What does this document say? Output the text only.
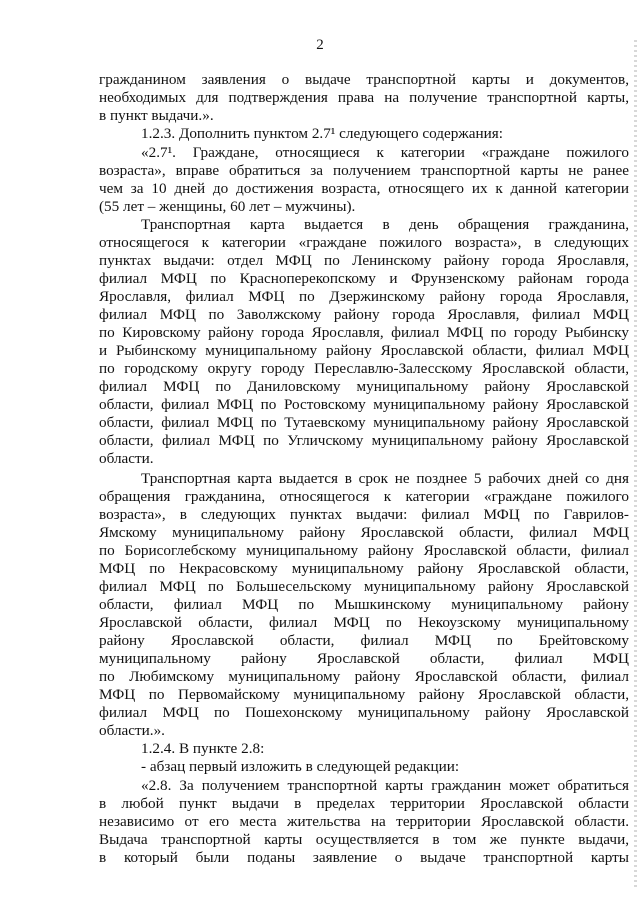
2
гражданином заявления о выдаче транспортной карты и документов,
необходимых для подтверждения права на получение транспортной карты,
в пункт выдачи.».
1.2.3. Дополнить пунктом 2.7¹ следующего содержания:
«2.7¹. Граждане, относящиеся к категории «граждане пожилого
возраста», вправе обратиться за получением транспортной карты не ранее
чем за 10 дней до достижения возраста, относящего их к данной категории
(55 лет – женщины, 60 лет – мужчины).
Транспортная карта выдается в день обращения гражданина,
относящегося к категории «граждане пожилого возраста», в следующих
пунктах выдачи: отдел МФЦ по Ленинскому району города Ярославля,
филиал МФЦ по Красноперекопскому и Фрунзенскому районам города
Ярославля, филиал МФЦ по Дзержинскому району города Ярославля,
филиал МФЦ по Заволжскому району города Ярославля, филиал МФЦ
по Кировскому району города Ярославля, филиал МФЦ по городу Рыбинску
и Рыбинскому муниципальному району Ярославской области, филиал МФЦ
по городскому округу городу Переславлю-Залесскому Ярославской области,
филиал МФЦ по Даниловскому муниципальному району Ярославской
области, филиал МФЦ по Ростовскому муниципальному району Ярославской
области, филиал МФЦ по Тутаевскому муниципальному району Ярославской
области, филиал МФЦ по Угличскому муниципальному району Ярославской
области.
Транспортная карта выдается в срок не позднее 5 рабочих дней со дня
обращения гражданина, относящегося к категории «граждане пожилого
возраста», в следующих пунктах выдачи: филиал МФЦ по Гаврилов-
Ямскому муниципальному району Ярославской области, филиал МФЦ
по Борисоглебскому муниципальному району Ярославской области, филиал
МФЦ по Некрасовскому муниципальному району Ярославской области,
филиал МФЦ по Большесельскому муниципальному району Ярославской
области, филиал МФЦ по Мышкинскому муниципальному району
Ярославской области, филиал МФЦ по Некоузскому муниципальному
району Ярославской области, филиал МФЦ по Брейтовскому
муниципальному району Ярославской области, филиал МФЦ
по Любимскому муниципальному району Ярославской области, филиал
МФЦ по Первомайскому муниципальному району Ярославской области,
филиал МФЦ по Пошехонскому муниципальному району Ярославской
области.».
1.2.4. В пункте 2.8:
- абзац первый изложить в следующей редакции:
«2.8. За получением транспортной карты гражданин может обратиться
в любой пункт выдачи в пределах территории Ярославской области
независимо от его места жительства на территории Ярославской области.
Выдача транспортной карты осуществляется в том же пункте выдачи,
в который были поданы заявление о выдаче транспортной карты
